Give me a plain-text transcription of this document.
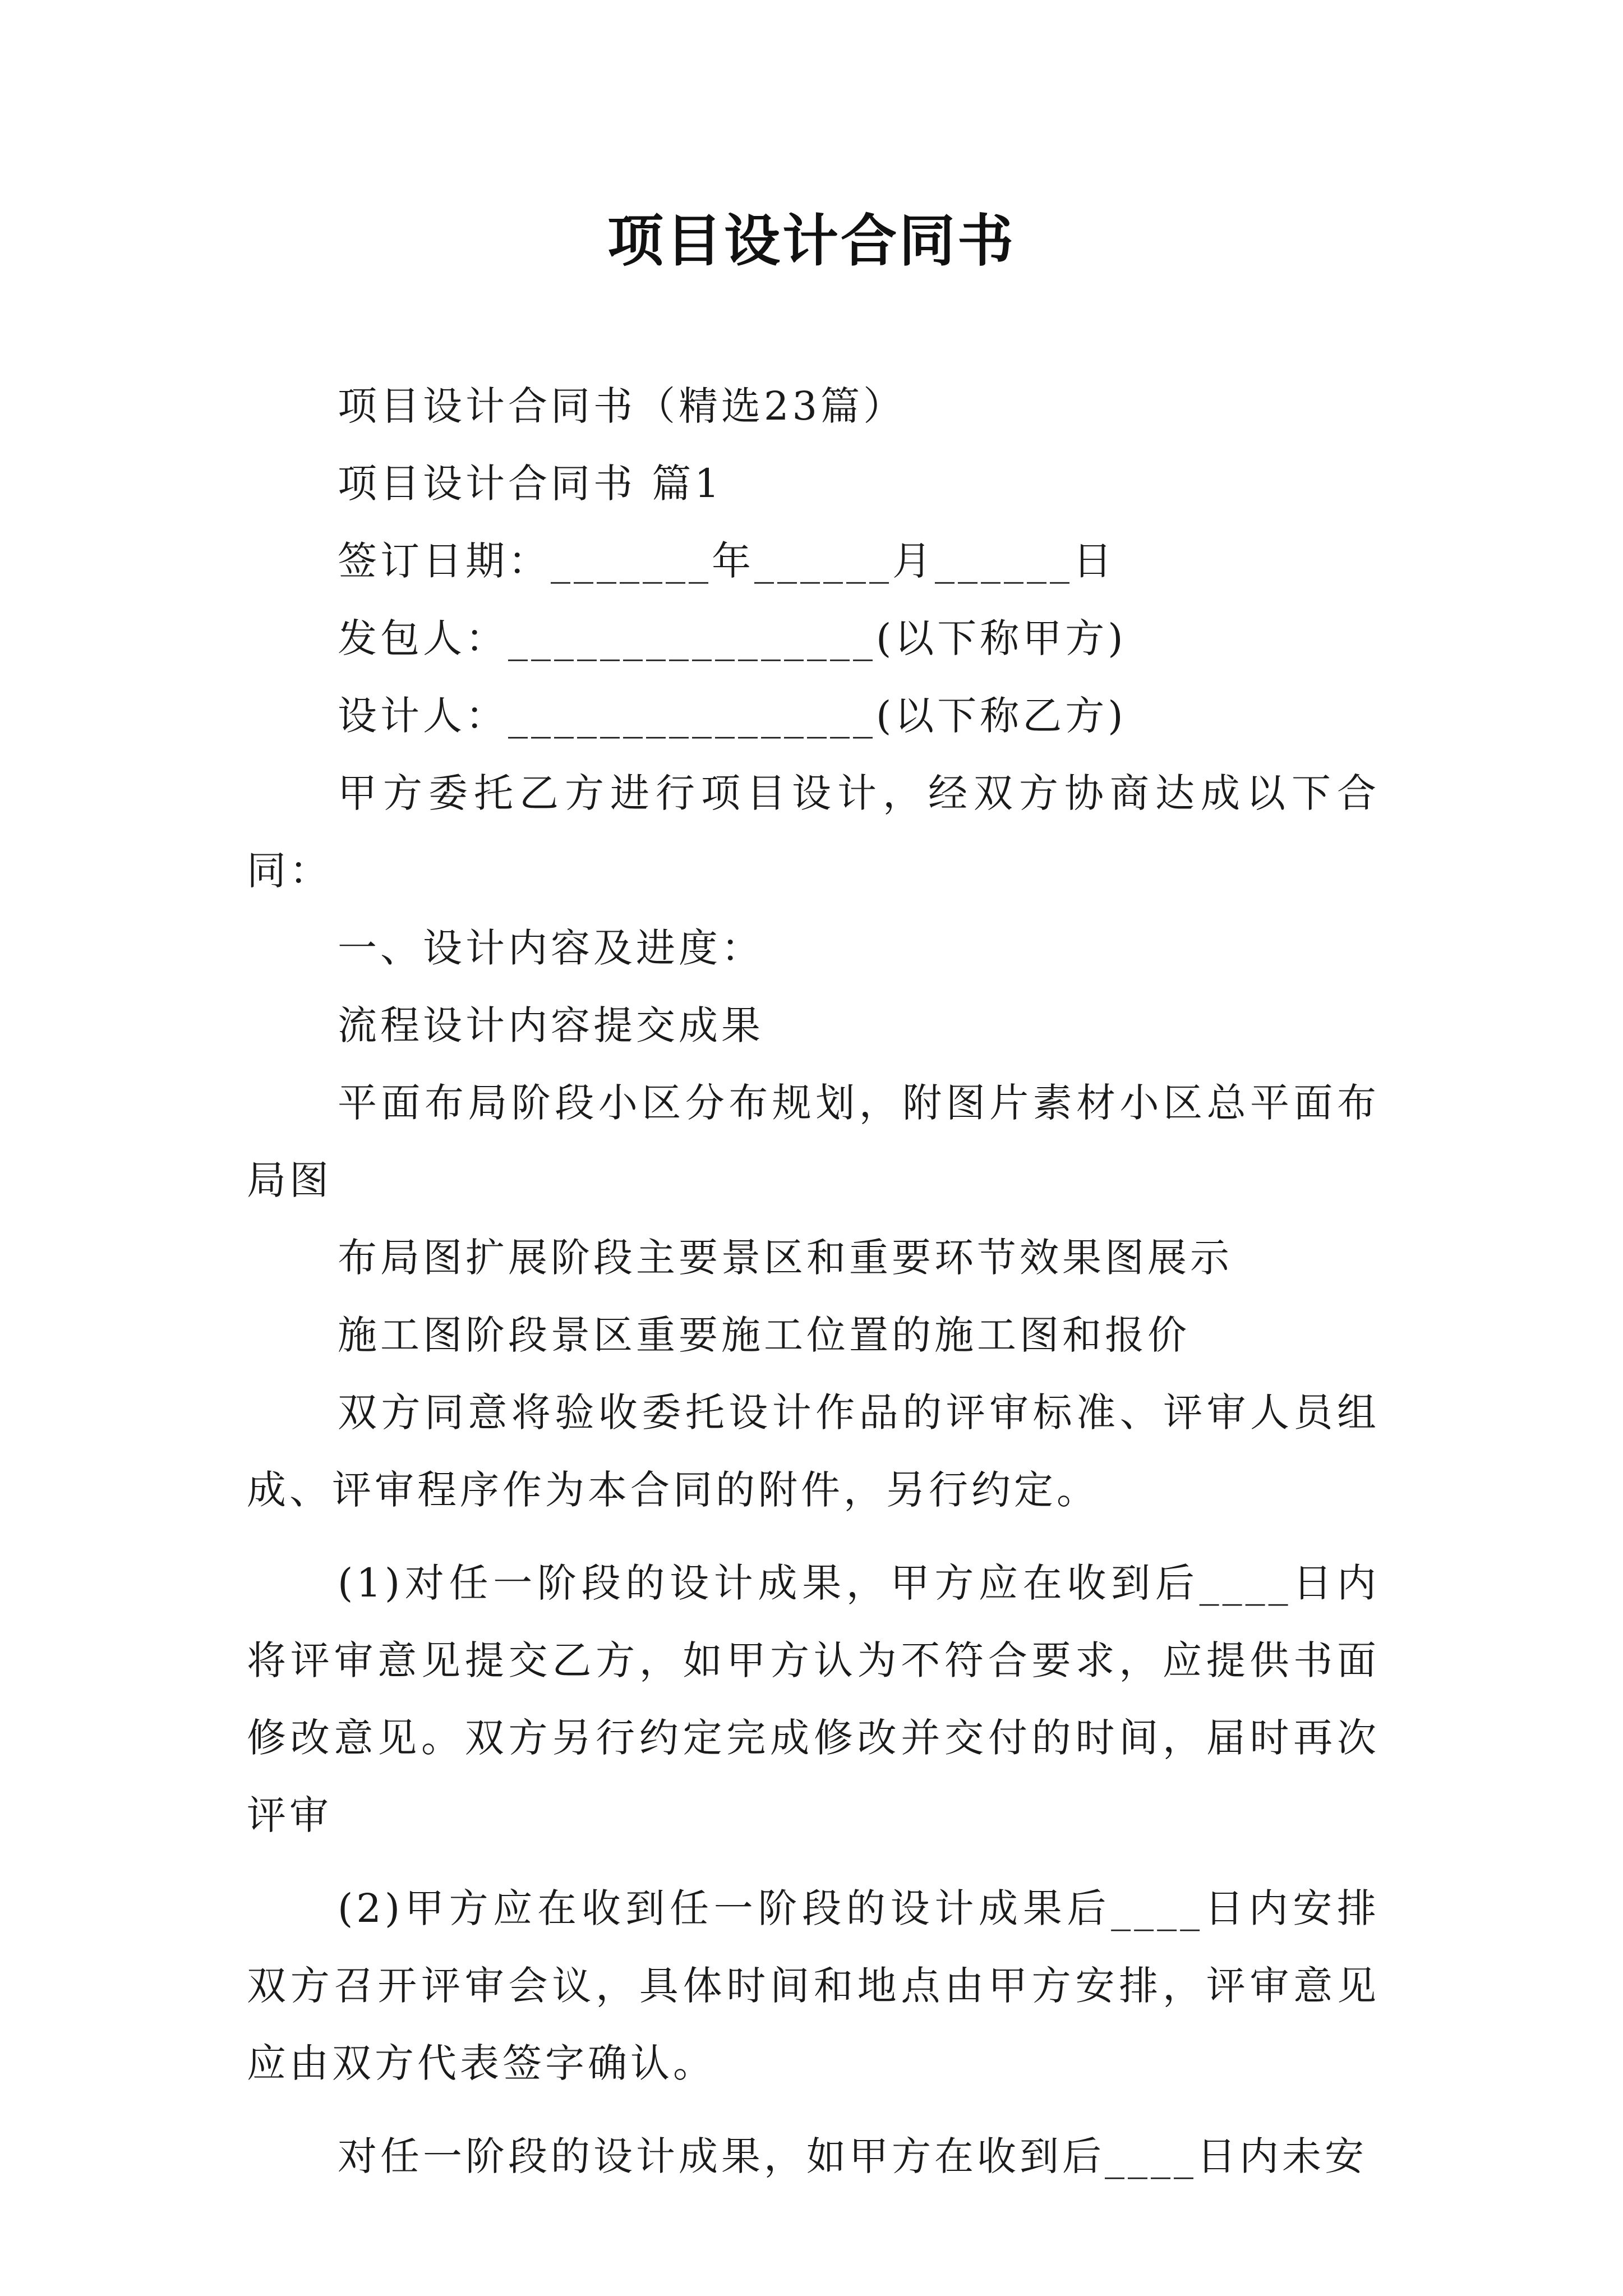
项目设计合同书

项目设计合同书（精选23篇）

项目设计合同书 篇1

签订日期：_______年______月______日

发包人：________________(以下称甲方)

设计人：________________(以下称乙方)

甲方委托乙方进行项目设计，经双方协商达成以下合同：

一、设计内容及进度：

流程设计内容提交成果

平面布局阶段小区分布规划，附图片素材小区总平面布局图

布局图扩展阶段主要景区和重要环节效果图展示

施工图阶段景区重要施工位置的施工图和报价

双方同意将验收委托设计作品的评审标准、评审人员组成、评审程序作为本合同的附件，另行约定。

(1)对任一阶段的设计成果，甲方应在收到后____日内将评审意见提交乙方，如甲方认为不符合要求，应提供书面修改意见。双方另行约定完成修改并交付的时间，届时再次评审

(2)甲方应在收到任一阶段的设计成果后____日内安排双方召开评审会议，具体时间和地点由甲方安排，评审意见应由双方代表签字确认。

对任一阶段的设计成果，如甲方在收到后____日内未安
